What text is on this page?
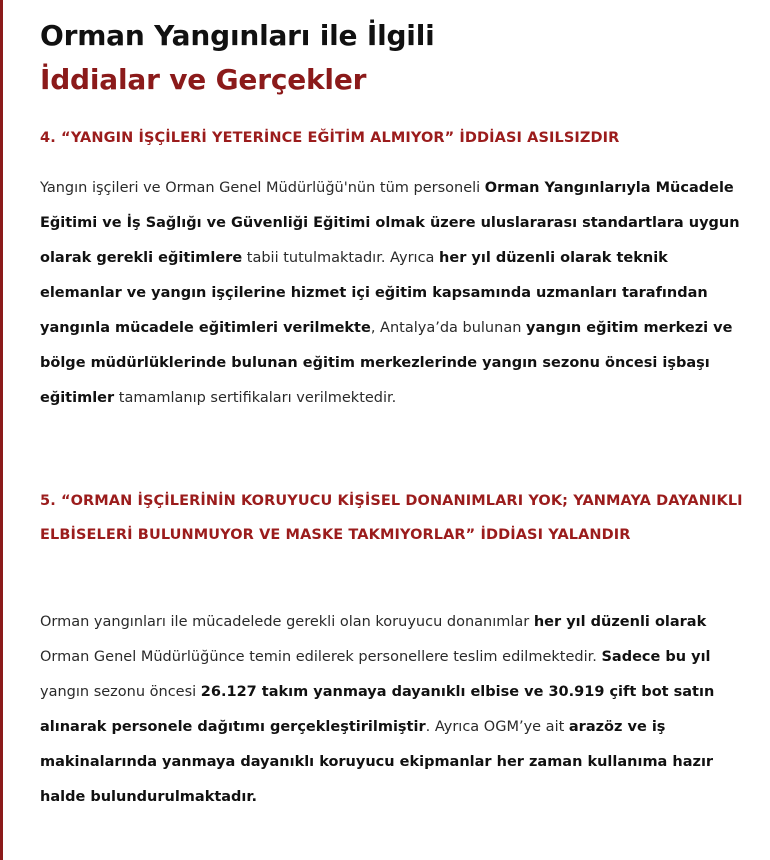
Orman Yangınları ile İlgili
İddialar ve Gerçekler
4. “YANGIN İŞÇİLERİ YETERİNCE EĞİTİM ALMIYOR” İDDİASI ASILSIZDIR

Yangın işçileri ve Orman Genel Müdürlüğü'nün tüm personeli Orman Yangınlarıyla Mücadele Eğitimi ve İş Sağlığı ve Güvenliği Eğitimi olmak üzere uluslararası standartlara uygun olarak gerekli eğitimlere tabii tutulmaktadır. Ayrıca her yıl düzenli olarak teknik elemanlar ve yangın işçilerine hizmet içi eğitim kapsamında uzmanları tarafından yangınla mücadele eğitimleri verilmekte, Antalya’da bulunan yangın eğitim merkezi ve bölge müdürlüklerinde bulunan eğitim merkezlerinde yangın sezonu öncesi işbaşı eğitimler tamamlanıp sertifikaları verilmektedir.

5. “ORMAN İŞÇİLERİNİN KORUYUCU KİŞİSEL DONANIMLARI YOK; YANMAYA DAYANIKLI ELBİSELERİ BULUNMUYOR VE MASKE TAKMIYORLAR” İDDİASI YALANDIR

Orman yangınları ile mücadelede gerekli olan koruyucu donanımlar her yıl düzenli olarak Orman Genel Müdürlüğünce temin edilerek personellere teslim edilmektedir. Sadece bu yıl yangın sezonu öncesi 26.127 takım yanmaya dayanıklı elbise ve 30.919 çift bot satın alınarak personele dağıtımı gerçekleştirilmiştir. Ayrıca OGM’ye ait arazöz ve iş makinalarında yanmaya dayanıklı koruyucu ekipmanlar her zaman kullanıma hazır halde bulundurulmaktadır.
